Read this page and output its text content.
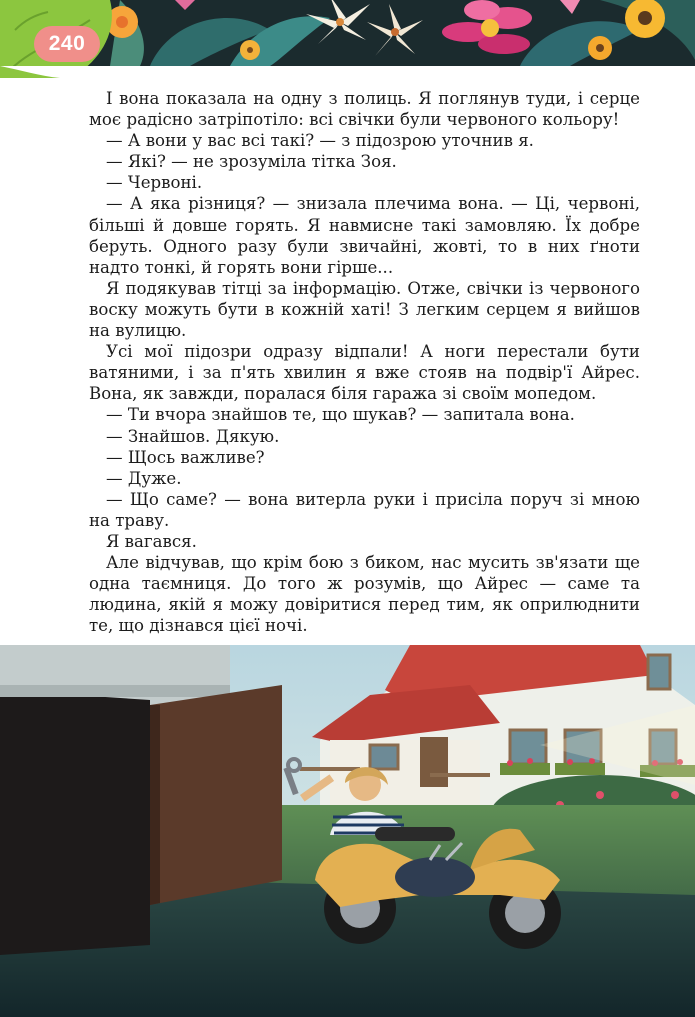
240

І вона показала на одну з полиць. Я поглянув туди, і серце моє радісно затріпотіло: всі свічки були червоного кольору!

— А вони у вас всі такі? — з підозрою уточнив я.

— Які? — не зрозуміла тітка Зоя.

— Червоні.

— А яка різниця? — знизала плечима вона. — Ці, червоні, більші й довше горять. Я навмисне такі замовляю. Їх добре беруть. Одного разу були звичайні, жовті, то в них ґноти надто тонкі, й горять вони гірше...

Я подякував тітці за інформацію. Отже, свічки із червоного воску можуть бути в кожній хаті! З легким серцем я вийшов на вулицю.

Усі мої підозри одразу відпали! А ноги перестали бути ватяними, і за п'ять хвилин я вже стояв на подвір'ї Айрес. Вона, як завжди, поралася біля гаража зі своїм мопедом.

— Ти вчора знайшов те, що шукав? — запитала вона.

— Знайшов. Дякую.

— Щось важливе?

— Дуже.

— Що саме? — вона витерла руки і присіла поруч зі мною на траву.

Я вагався.

Але відчував, що крім бою з биком, нас мусить зв'язати ще одна таємниця. До того ж розумів, що Айрес — саме та людина, якій я можу довіритися перед тим, як оприлюднити те, що дізнався цієї ночі.
